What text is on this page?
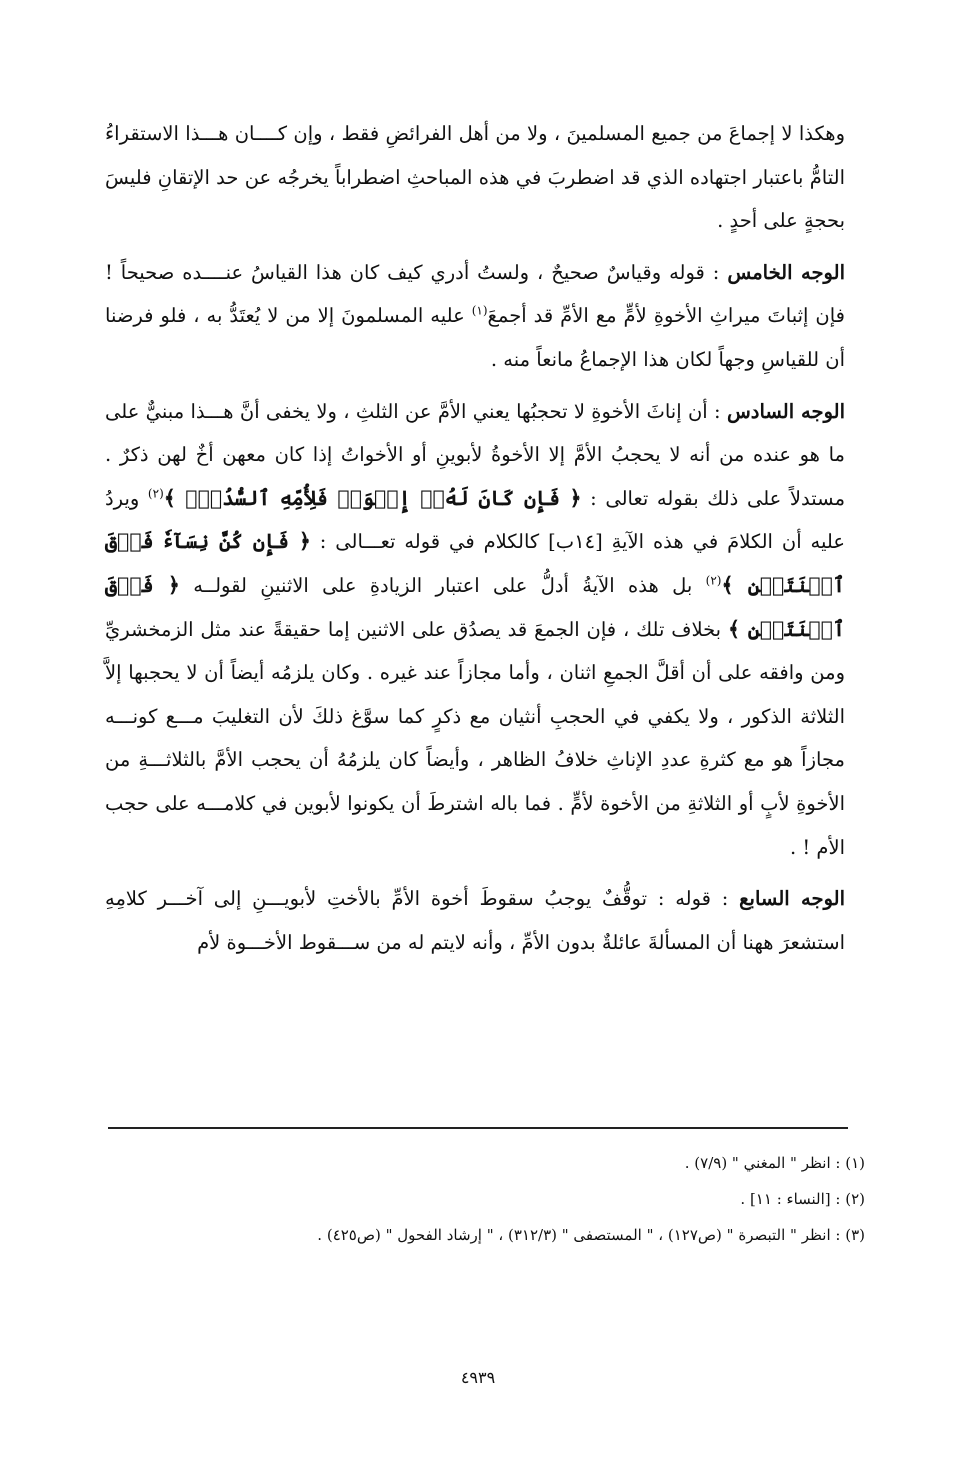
وهكذا لا إجماعَ من جميع المسلمينَ ، ولا من أهل الفرائضِ فقط ، وإن كــــان هـــذا الاستقراءُ التامُّ باعتبار اجتهاده الذي قد اضطربَ في هذه المباحثِ اضطراباً يخرجُه عن حد الإتقانِ فليسَ بحجةٍ على أحدٍ .

الوجه الخامس : قوله وقياسٌ صحيحٌ ، ولستُ أدري كيف كان هذا القياسُ عنــــده صحيحاً ! فإن إثباتَ ميراثِ الأخوةِ لأمٍّ مع الأمِّ قد أجمعَ$^{(١)}$ عليه المسلمونَ إلا من لا يُعتَدُّ به ، فلو فرضنا أن للقياسِ وجهاً لكان هذا الإجماعُ مانعاً منه .

الوجه السادس : أن إناثَ الأخوةِ لا تحجبُها يعني الأمَّ عن الثلثِ ، ولا يخفى أنَّ هـــذا مبنيٌّ على ما هو عنده من أنه لا يحجبُ الأمَّ إلا الأخوةُ لأبوينِ أو الأخواتُ إذا كان معهن أخٌ لهن ذكرٌ . مستدلاً على ذلك بقوله تعالى : ﴿ فَإِن كَانَ لَهُۥٓ إِخۡوَةٞ فَلِأُمِّهِ ٱلسُّدُسُۚ ﴾$^{(٢)}$ ويردُ عليه أن الكلامَ في هذه الآيةِ [١٤ب] كالكلام في قوله تعـــالى : ﴿ فَإِن كُنَّ نِسَآءٗ فَوۡقَ ٱثۡنَتَيۡنِ ﴾$^{(٢)}$ بل هذه الآيةُ أدلُّ على اعتبار الزيادةِ على الاثنينِ لقولــه ﴿ فَوۡقَ ٱثۡنَتَيۡنِ ﴾ بخلاف تلك ، فإن الجمعَ قد يصدُق على الاثنين إما حقيقةً عند مثل الزمخشريِّ ومن وافقه على أن أقلَّ الجمعِ اثنان ، وأما مجازاً عند غيره . وكان يلزمُه أيضاً أن لا يحجبها إلاَّ الثلاثة الذكور ، ولا يكفي في الحجبِ أنثيان مع ذكرٍ كما سوَّغ ذلكَ لأن التغليبَ مـــع كونـــه مجازاً هو مع كثرةِ عددِ الإناثِ خلافُ الظاهر ، وأيضاً كان يلزمُهُ أن يحجب الأمَّ بالثلاثـــةِ من الأخوةِ لأبٍ أو الثلاثةِ من الأخوة لأمٍّ . فما باله اشترطَ أن يكونوا لأبوين في كلامـــه على حجب الأم ! .

الوجه السابع : قوله : توقُّفٌ يوجبُ سقوطَ أخوة الأمِّ بالأختِ لأبويـــنِ إلى آخـــر كلامِهِ استشعرَ ههنا أن المسألةَ عائلةٌ بدون الأمِّ ، وأنه لايتم له من ســـقوط الأخـــوة لأم

(١) : انظر " المغني " (٧/٩) .

(٢) : [النساء : ١١] .

(٣) : انظر " التبصرة " (ص١٢٧) ، " المستصفى " (٣١٢/٣) ، " إرشاد الفحول " (ص٤٢٥) .

٤٩٣٩
